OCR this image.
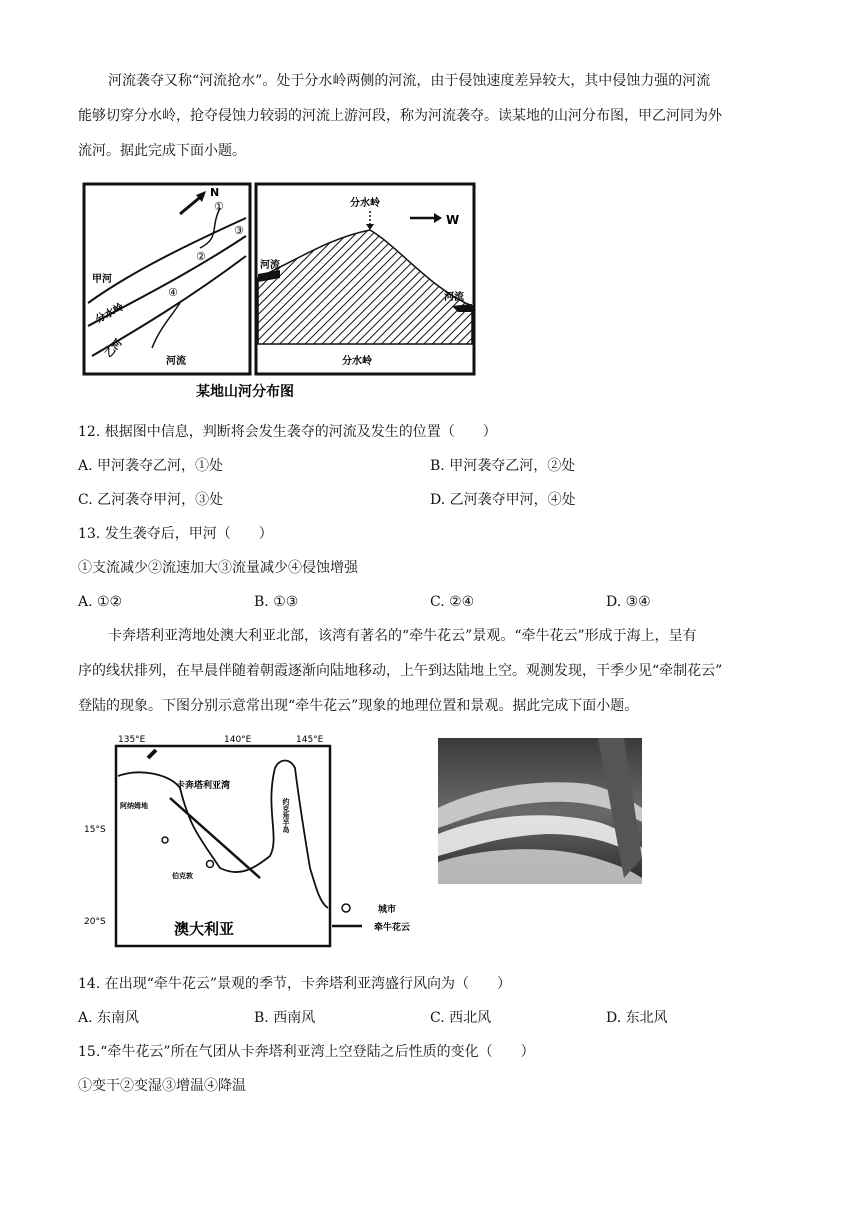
河流袭夺又称“河流抢水”。处于分水岭两侧的河流，由于侵蚀速度差异较大，其中侵蚀力强的河流
能够切穿分水岭，抢夺侵蚀力较弱的河流上游河段，称为河流袭夺。读某地的山河分布图，甲乙河同为外
流河。据此完成下面小题。
N
①
②
③
④
甲河
分水岭
乙河
河流
分水岭
W
河流
河流
分水岭
某地山河分布图
12. 根据图中信息，判断将会发生袭夺的河流及发生的位置（　　）
A. 甲河袭夺乙河，①处	B. 甲河袭夺乙河，②处
C. 乙河袭夺甲河，③处	D. 乙河袭夺甲河，④处
13. 发生袭夺后，甲河（　　）
①支流减少②流速加大③流量减少④侵蚀增强
A. ①②	B. ①③	C. ②④	D. ③④
卡奔塔利亚湾地处澳大利亚北部，该湾有著名的“牵牛花云”景观。“牵牛花云”形成于海上，呈有
序的线状排列，在早晨伴随着朝霞逐渐向陆地移动，上午到达陆地上空。观测发现，干季少见“牵制花云”
登陆的现象。下图分别示意常出现“牵牛花云”现象的地理位置和景观。据此完成下面小题。
135°E	140°E	145°E
卡奔塔利亚湾
阿纳姆地
伯克敦
约克角半岛
15°S
20°S	澳大利亚
城市
牵牛花云
14. 在出现“牵牛花云”景观的季节，卡奔塔利亚湾盛行风向为（　　）
A. 东南风	B. 西南风	C. 西北风	D. 东北风
15.“牵牛花云”所在气团从卡奔塔利亚湾上空登陆之后性质的变化（　　）
①变干②变湿③增温④降温
